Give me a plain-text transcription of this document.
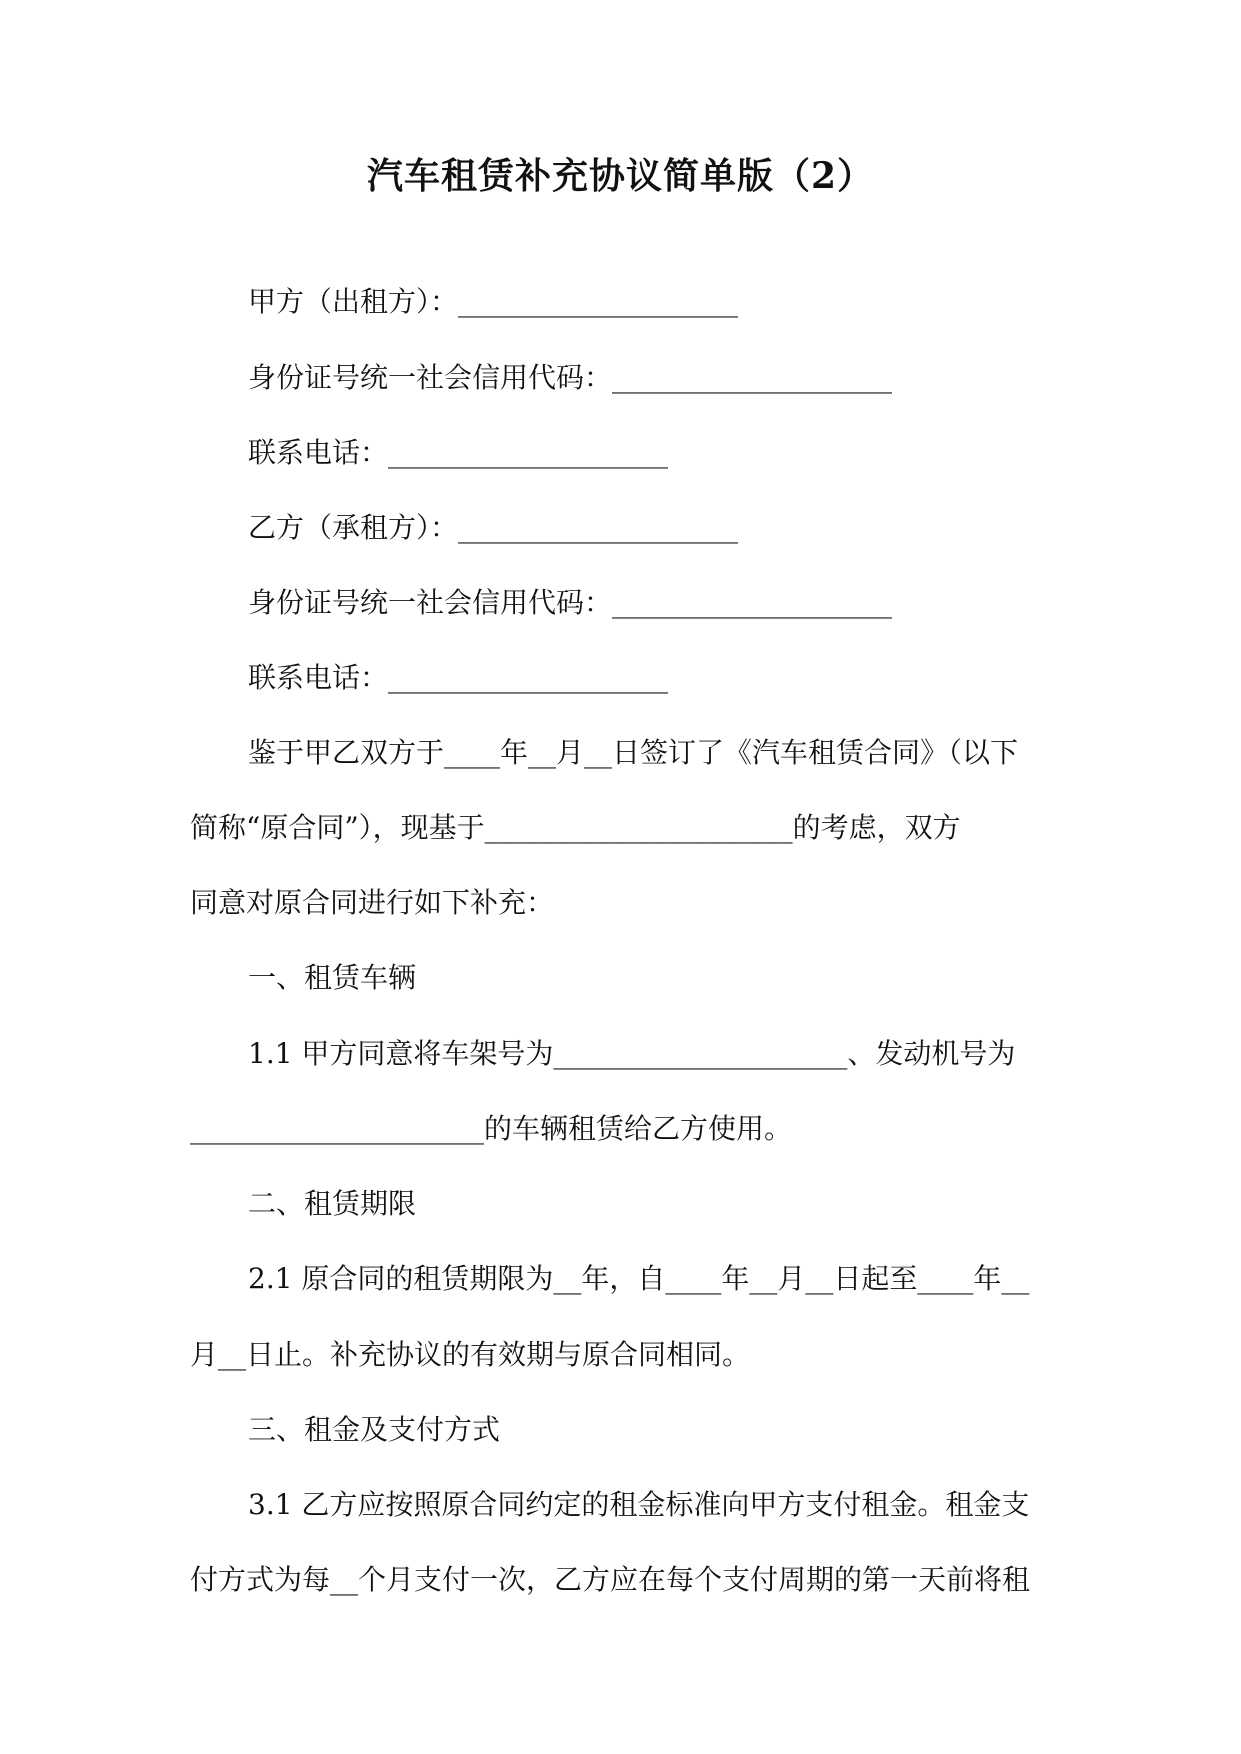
汽车租赁补充协议简单版（2）
甲方（出租方）：____________________
身份证号统一社会信用代码：____________________
联系电话：____________________
乙方（承租方）：____________________
身份证号统一社会信用代码：____________________
联系电话：____________________
鉴于甲乙双方于____年__月__日签订了《汽车租赁合同》（以下
简称“原合同”），现基于______________________的考虑，双方
同意对原合同进行如下补充：
一、租赁车辆
1.1 甲方同意将车架号为_____________________、发动机号为
_____________________的车辆租赁给乙方使用。
二、租赁期限
2.1 原合同的租赁期限为__年，自____年__月__日起至____年__
月__日止。补充协议的有效期与原合同相同。
三、租金及支付方式
3.1 乙方应按照原合同约定的租金标准向甲方支付租金。租金支
付方式为每__个月支付一次，乙方应在每个支付周期的第一天前将租
